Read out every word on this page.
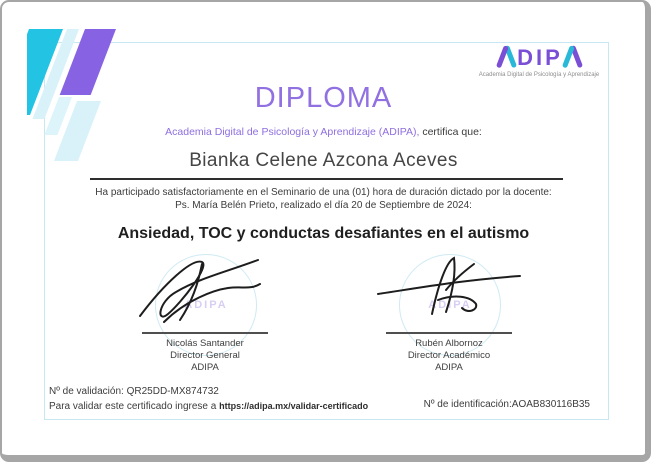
D I P
Academia Digital de Psicología y Aprendizaje
DIPLOMA
Academia Digital de Psicología y Aprendizaje (ADIPA), certifica que:
Bianka Celene Azcona Aceves
Ha participado satisfactoriamente en el Seminario de una (01) hora de duración dictado por la docente:
Ps. María Belén Prieto, realizado el día 20 de Septiembre de 2024:
Ansiedad, TOC y conductas desafiantes en el autismo
ADIPA
Nicolás Santander
Director General
ADIPA
ADIPA
Rubén Albornoz
Director Académico
ADIPA
Nº de validación: QR25DD-MX874732
Para validar este certificado ingrese a https://adipa.mx/validar-certificado	Nº de identificación:AOAB830116B35
